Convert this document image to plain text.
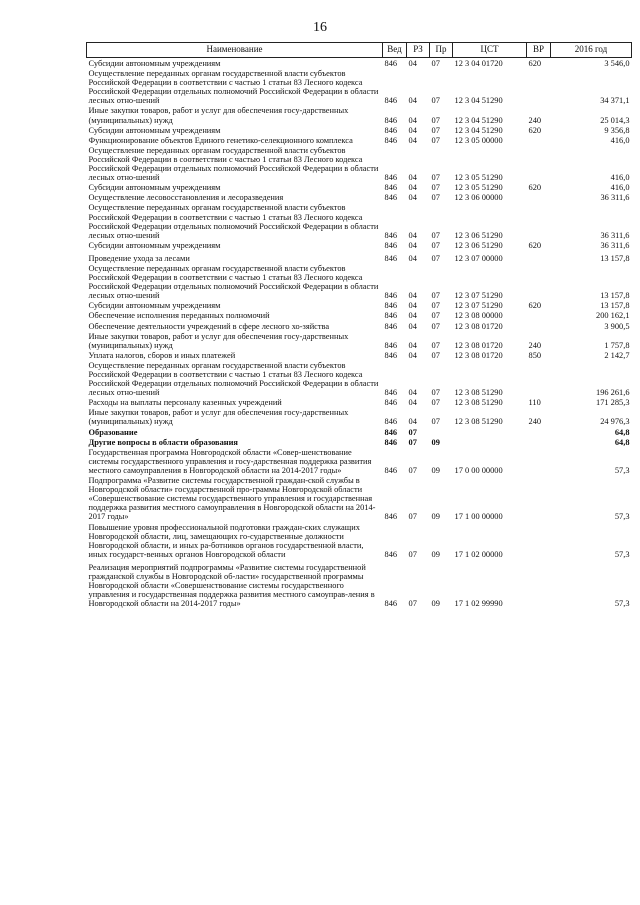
16
Наименование	Вед	РЗ	Пр	ЦСТ	ВР	2016 год
Субсидии автономным учреждениям	846	04	07	12 3 04 01720	620	3 546,0
Осуществление переданных органам государственной власти субъектов Российской Федерации в соответствии с частью 1 статьи 83 Лесного кодекса Российской Федерации отдельных полномочий Российской Федерации в области лесных отно-шений	846	04	07	12 3 04 51290		34 371,1
Иные закупки товаров, работ и услуг для обеспечения госу-дарственных (муниципальных) нужд	846	04	07	12 3 04 51290	240	25 014,3
Субсидии автономным учреждениям	846	04	07	12 3 04 51290	620	9 356,8
Функционирование объектов Единого генетико-селекционного комплекса	846	04	07	12 3 05 00000		416,0
Осуществление переданных органам государственной власти субъектов Российской Федерации в соответствии с частью 1 статьи 83 Лесного кодекса Российской Федерации отдельных полномочий Российской Федерации в области лесных отно-шений	846	04	07	12 3 05 51290		416,0
Субсидии автономным учреждениям	846	04	07	12 3 05 51290	620	416,0
Осуществление лесовосстановления и лесоразведения	846	04	07	12 3 06 00000		36 311,6
Осуществление переданных органам государственной власти субъектов Российской Федерации в соответствии с частью 1 статьи 83 Лесного кодекса Российской Федерации отдельных полномочий Российской Федерации в области лесных отно-шений	846	04	07	12 3 06 51290		36 311,6
Субсидии автономным учреждениям	846	04	07	12 3 06 51290	620	36 311,6
Проведение ухода за лесами	846	04	07	12 3 07 00000		13 157,8
Осуществление переданных органам государственной власти субъектов Российской Федерации в соответствии с частью 1 статьи 83 Лесного кодекса Российской Федерации отдельных полномочий Российской Федерации в области лесных отно-шений	846	04	07	12 3 07 51290		13 157,8
Субсидии автономным учреждениям	846	04	07	12 3 07 51290	620	13 157,8
Обеспечение исполнения переданных полномочий	846	04	07	12 3 08 00000		200 162,1
Обеспечение деятельности учреждений в сфере лесного хо-зяйства	846	04	07	12 3 08 01720		3 900,5
Иные закупки товаров, работ и услуг для обеспечения госу-дарственных (муниципальных) нужд	846	04	07	12 3 08 01720	240	1 757,8
Уплата налогов, сборов и иных платежей	846	04	07	12 3 08 01720	850	2 142,7
Осуществление переданных органам государственной власти субъектов Российской Федерации в соответствии с частью 1 статьи 83 Лесного кодекса Российской Федерации отдельных полномочий Российской Федерации в области лесных отно-шений	846	04	07	12 3 08 51290		196 261,6
Расходы на выплаты персоналу казенных учреждений	846	04	07	12 3 08 51290	110	171 285,3
Иные закупки товаров, работ и услуг для обеспечения госу-дарственных (муниципальных) нужд	846	04	07	12 3 08 51290	240	24 976,3
Образование	846	07				64,8
Другие вопросы в области образования	846	07	09			64,8
Государственная программа Новгородской области «Совер-шенствование системы государственного управления и госу-дарственная поддержка развития местного самоуправления в Новгородской области на 2014-2017 годы»	846	07	09	17 0 00 00000		57,3
Подпрограмма «Развитие системы государственной граждан-ской службы в Новгородской области» государственной про-граммы Новгородской области «Совершенствование системы государственного управления и государственная поддержка развития местного самоуправления в Новгородской области на 2014-2017 годы»	846	07	09	17 1 00 00000		57,3
Повышение уровня профессиональной подготовки граждан-ских служащих Новгородской области, лиц, замещающих го-сударственные должности Новгородской области, и иных ра-ботников органов государственной власти, иных государст-венных органов Новгородской области	846	07	09	17 1 02 00000		57,3
Реализация мероприятий подпрограммы «Развитие системы государственной гражданской службы в Новгородской об-ласти» государственной программы Новгородской области «Совершенствование системы государственного управления и государственная поддержка развития местного самоуправ-ления в Новгородской области на 2014-2017 годы»	846	07	09	17 1 02 99990		57,3
